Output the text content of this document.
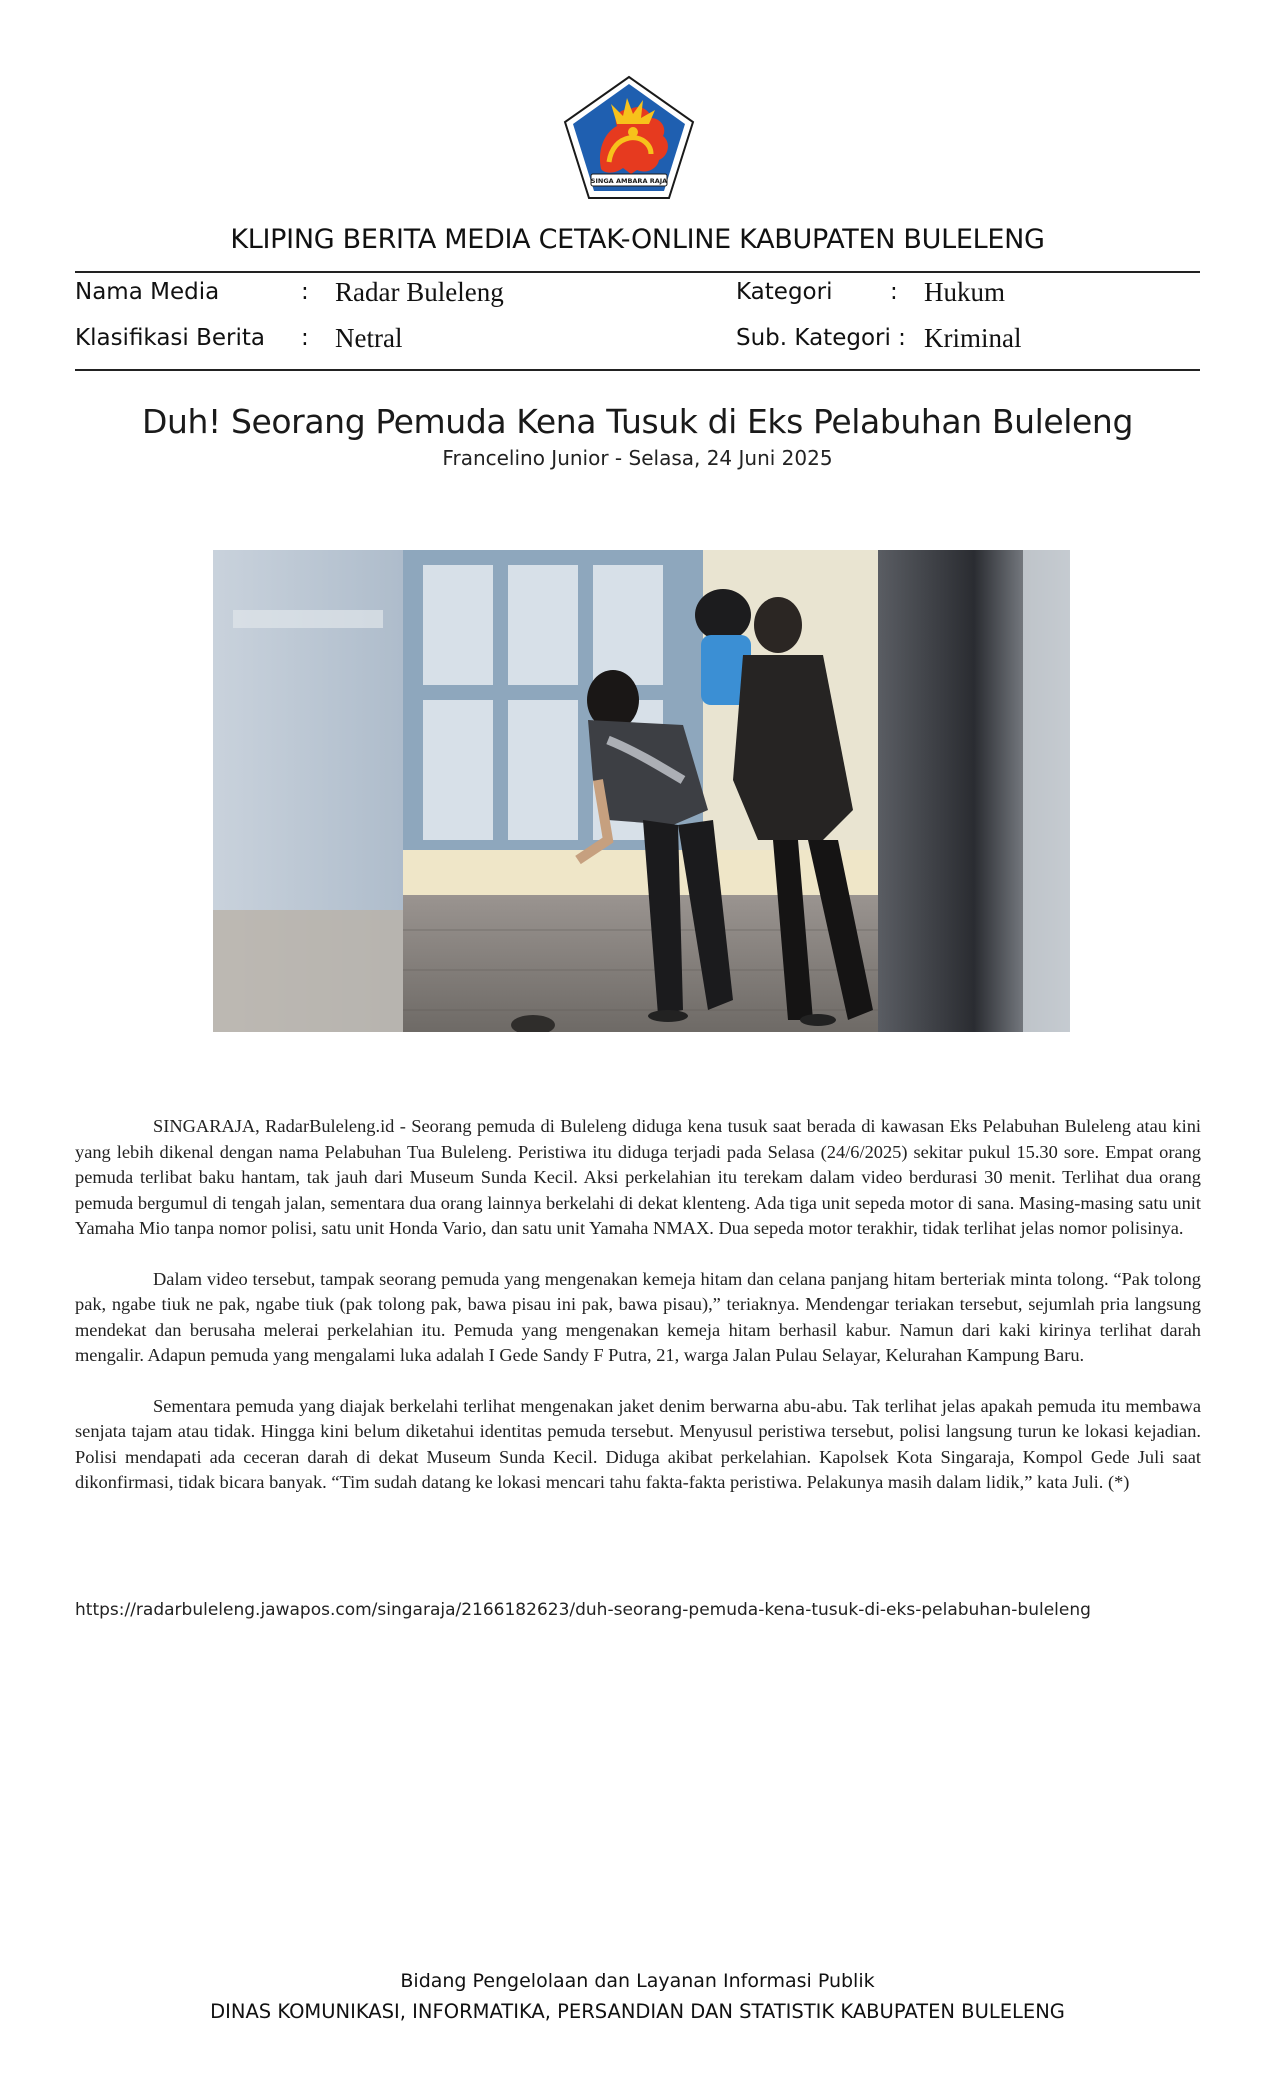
SINGA AMBARA RAJA
KLIPING BERITA MEDIA CETAK-ONLINE KABUPATEN BULELENG
Nama Media	: Radar Buleleng	Kategori	: Hukum
Klasifikasi Berita : Netral	Sub. Kategori : Kriminal
Duh! Seorang Pemuda Kena Tusuk di Eks Pelabuhan Buleleng
Francelino Junior - Selasa, 24 Juni 2025

SINGARAJA, RadarBuleleng.id - Seorang pemuda di Buleleng diduga kena tusuk saat berada di kawasan Eks Pelabuhan Buleleng atau kini yang lebih dikenal dengan nama Pelabuhan Tua Buleleng. Peristiwa itu diduga terjadi pada Selasa (24/6/2025) sekitar pukul 15.30 sore. Empat orang pemuda terlibat baku hantam, tak jauh dari Museum Sunda Kecil. Aksi perkelahian itu terekam dalam video berdurasi 30 menit. Terlihat dua orang pemuda bergumul di tengah jalan, sementara dua orang lainnya berkelahi di dekat klenteng. Ada tiga unit sepeda motor di sana. Masing-masing satu unit Yamaha Mio tanpa nomor polisi, satu unit Honda Vario, dan satu unit Yamaha NMAX. Dua sepeda motor terakhir, tidak terlihat jelas nomor polisinya.

Dalam video tersebut, tampak seorang pemuda yang mengenakan kemeja hitam dan celana panjang hitam berteriak minta tolong. “Pak tolong pak, ngabe tiuk ne pak, ngabe tiuk (pak tolong pak, bawa pisau ini pak, bawa pisau),” teriaknya. Mendengar teriakan tersebut, sejumlah pria langsung mendekat dan berusaha melerai perkelahian itu. Pemuda yang mengenakan kemeja hitam berhasil kabur. Namun dari kaki kirinya terlihat darah mengalir. Adapun pemuda yang mengalami luka adalah I Gede Sandy F Putra, 21, warga Jalan Pulau Selayar, Kelurahan Kampung Baru.

Sementara pemuda yang diajak berkelahi terlihat mengenakan jaket denim berwarna abu-abu. Tak terlihat jelas apakah pemuda itu membawa senjata tajam atau tidak. Hingga kini belum diketahui identitas pemuda tersebut. Menyusul peristiwa tersebut, polisi langsung turun ke lokasi kejadian. Polisi mendapati ada ceceran darah di dekat Museum Sunda Kecil. Diduga akibat perkelahian. Kapolsek Kota Singaraja, Kompol Gede Juli saat dikonfirmasi, tidak bicara banyak. “Tim sudah datang ke lokasi mencari tahu fakta-fakta peristiwa. Pelakunya masih dalam lidik,” kata Juli. (*)

https://radarbuleleng.jawapos.com/singaraja/2166182623/duh-seorang-pemuda-kena-tusuk-di-eks-pelabuhan-buleleng
Bidang Pengelolaan dan Layanan Informasi Publik
DINAS KOMUNIKASI, INFORMATIKA, PERSANDIAN DAN STATISTIK KABUPATEN BULELENG
